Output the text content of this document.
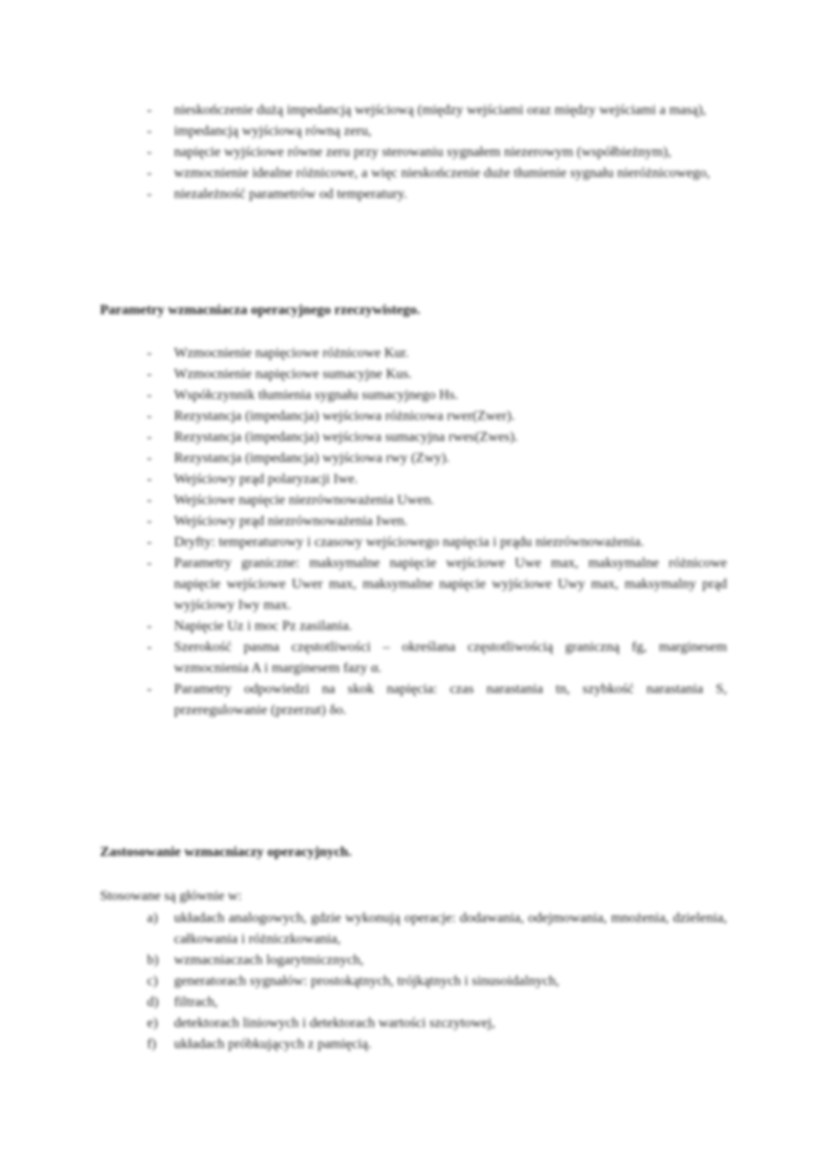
- nieskończenie dużą impedancją wejściową (między wejściami oraz między wejściami a masą),
- impedancją wyjściową równą zeru,
- napięcie wyjściowe równe zeru przy sterowaniu sygnałem niezerowym (współbieżnym),
- wzmocnienie idealne różnicowe, a więc nieskończenie duże tłumienie sygnału nieróżnicowego,
- niezależność parametrów od temperatury.

Parametry wzmacniacza operacyjnego rzeczywistego.

- Wzmocnienie napięciowe różnicowe Kur.
- Wzmocnienie napięciowe sumacyjne Kus.
- Współczynnik tłumienia sygnału sumacyjnego Hs.
- Rezystancja (impedancja) wejściowa różnicowa rwer(Zwer).
- Rezystancja (impedancja) wejściowa sumacyjna rwes(Zwes).
- Rezystancja (impedancja) wyjściowa rwy (Zwy).
- Wejściowy prąd polaryzacji Iwe.
- Wejściowe napięcie niezrównoważenia Uwen.
- Wejściowy prąd niezrównoważenia Iwen.
- Dryfty: temperaturowy i czasowy wejściowego napięcia i prądu niezrównoważenia.
- Parametry graniczne: maksymalne napięcie wejściowe Uwe max, maksymalne różnicowe napięcie wejściowe Uwer max, maksymalne napięcie wyjściowe Uwy max, maksymalny prąd wyjściowy Iwy max.
- Napięcie Uz i moc Pz zasilania.
- Szerokość pasma częstotliwości – określana częstotliwością graniczną fg, marginesem wzmocnienia A i marginesem fazy α.
- Parametry odpowiedzi na skok napięcia: czas narastania tn, szybkość narastania S, przeregulowanie (przerzut) δo.

Zastosowanie wzmacniaczy operacyjnych.

Stosowane są głównie w:

a) układach analogowych, gdzie wykonują operacje: dodawania, odejmowania, mnożenia, dzielenia, całkowania i różniczkowania,
b) wzmacniaczach logarytmicznych,
c) generatorach sygnałów: prostokątnych, trójkątnych i sinusoidalnych,
d) filtrach,
e) detektorach liniowych i detektorach wartości szczytowej,
f) układach próbkujących z pamięcią.
